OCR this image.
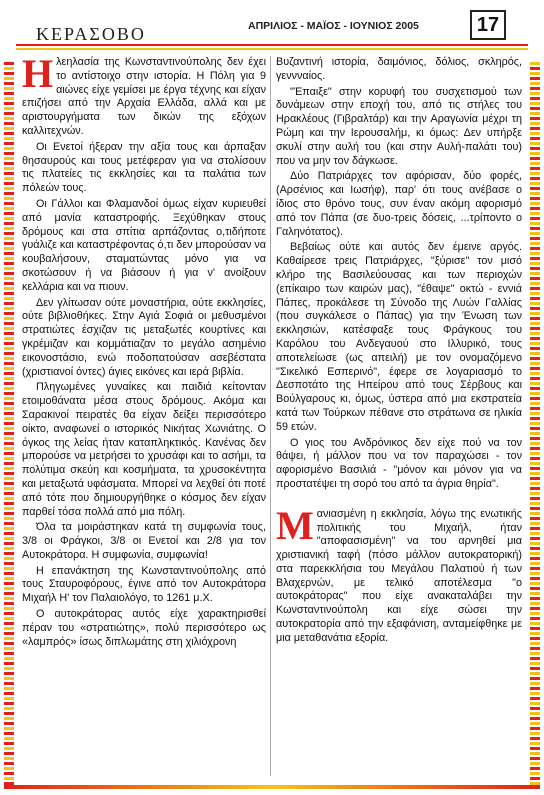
ΚΕΡΑΣΟΒΟ	ΑΠΡΙΛΙΟΣ - ΜΑΪΟΣ - ΙΟΥΝΙΟΣ 2005	17

Ηλεηλασία της Κωνσταντινούπολης δεν έχει το αντίστοιχο στην ιστορία. Η Πόλη για 9 αιώνες είχε γεμίσει με έργα τέχνης και είχαν επιζήσει από την Αρχαία Ελλάδα, αλλά και με αριστουργήματα των δικών της εξόχων καλλιτεχνών.

Οι Ενετοί ήξεραν την αξία τους και άρπαξαν θησαυρούς και τους μετέφεραν για να στολίσουν τις πλατείες τις εκκλησίες και τα παλάτια των πόλεών τους.

Οι Γάλλοι και Φλαμανδοί όμως είχαν κυριευθεί από μανία καταστροφής. Ξεχύθηκαν στους δρόμους και στα σπίτια αρπάζοντας ο,τιδήποτε γυάλιζε και καταστρέφοντας ό,τι δεν μπορούσαν να κουβαλήσουν, σταματώντας μόνο για να σκοτώσουν ή να βιάσουν ή για ν' ανοίξουν κελλάρια και να πιουν.

Δεν γλίτωσαν ούτε μοναστήρια, ούτε εκκλησίες, ούτε βιβλιοθήκες. Στην Αγιά Σοφιά οι μεθυσμένοι στρατιώτες έσχιζαν τις μεταξωτές κουρτίνες και γκρέμιζαν και κομμάτιαζαν το μεγάλο ασημένιο εικονοστάσιο, ενώ ποδοπατούσαν ασεβέστατα (χριστιανοί όντες) άγιες εικόνες και ιερά βιβλία.

Πληγωμένες γυναίκες και παιδιά κείτονταν ετοιμοθάνατα μέσα στους δρόμους. Ακόμα και Σαρακινοί πειρατές θα είχαν δείξει περισσότερο οίκτο, αναφωνεί ο ιστορικός Νικήτας Χωνιάτης. Ο όγκος της λείας ήταν καταπληκτικός. Κανένας δεν μπορούσε να μετρήσει το χρυσάφι και το ασήμι, τα πολύτιμα σκεύη και κοσμήματα, τα χρυσοκέντητα και μεταξωτά υφάσματα. Μπορεί να λεχθεί ότι ποτέ από τότε που δημιουργήθηκε ο κόσμος δεν είχαν παρθεί τόσα πολλά από μια πόλη.

Όλα τα μοιράστηκαν κατά τη συμφωνία τους, 3/8 οι Φράγκοι, 3/8 οι Ενετοί και 2/8 για τον Αυτοκράτορα. Η συμφωνία, συμφωνία!

Η επανάκτηση της Κωνσταντινούπολης από τους Σταυροφόρους, έγινε από τον Αυτοκράτορα Μιχαήλ Η' τον Παλαιολόγο, το 1261 μ.Χ.

Ο αυτοκράτορας αυτός είχε χαρακτηρισθεί πέραν του «στρατιώτης», πολύ περισσότερο ως «λαμπρός» ίσως διπλωμάτης στη χιλιόχρονη

Βυζαντινή ιστορία, δαιμόνιος, δόλιος, σκληρός, γεννναίος.

"Έπαιξε" στην κορυφή του συσχετισμού των δυνάμεων στην εποχή του, από τις στήλες του Ηρακλέους (Γιβραλτάρ) και την Αραγωνία μέχρι τη Ρώμη και την Ιερουσαλήμ, κι όμως: Δεν υπήρξε σκυλί στην αυλή του (και στην Αυλή-παλάτι του) που να μην τον δάγκωσε.

Δύο Πατριάρχες τον αφόρισαν, δύο φορές, (Αρσένιος και Ιωσήφ), παρ' ότι τους ανέβασε ο ίδιος στο θρόνο τους, συν έναν ακόμη αφορισμό από τον Πάπα (σε δυο-τρεις δόσεις, ...τρίποντο ο Γαληνότατος).

Βεβαίως ούτε και αυτός δεν έμεινε αργός. Καθαίρεσε τρεις Πατριάρχες, "ξύρισε" τον μισό κλήρο της Βασιλεύουσας και των περιοχών (επίκαιρο των καιρών μας), "έθαψε" οκτώ - εννιά Πάπες, προκάλεσε τη Σύνοδο της Λυών Γαλλίας (που συγκάλεσε ο Πάπας) για την Ένωση των εκκλησιών, κατέσφαξε τους Φράγκους του Καρόλου του Ανδεγαυού στο Ιλλυρικό, τους αποτελείωσε (ως απειλή) με τον ονομαζόμενο "Σικελικό Εσπερινό", έφερε σε λογαριασμό το Δεσποτάτο της Ηπείρου από τους Σέρβους και Βούλγαρους κι, όμως, ύστερα από μια εκστρατεία κατά των Τούρκων πέθανε στο στράτωνα σε ηλικία 59 ετών.

Ο γιος του Ανδρόνικος δεν είχε πού να τον θάψει, ή μάλλον που να τον παραχώσει - τον αφορισμένο Βασιλιά - "μόνον και μόνον για να προστατέψει τη σορό του από τα άγρια θηρία".

Μανιασμένη η εκκλησία, λόγω της ενωτικής πολιτικής του Μιχαήλ, ήταν "αποφασισμένη" να του αρνηθεί μια χριστιανική ταφή (πόσο μάλλον αυτοκρατορική) στα παρεκκλήσια του Μεγάλου Παλατιού ή των Βλαχερνών, με τελικό αποτέλεσμα "ο αυτοκράτορας" που είχε ανακαταλάβει την Κωνσταντινούπολη και είχε σώσει την αυτοκρατορία από την εξαφάνιση, ανταμείφθηκε με μια μεταθανάτια εξορία.
